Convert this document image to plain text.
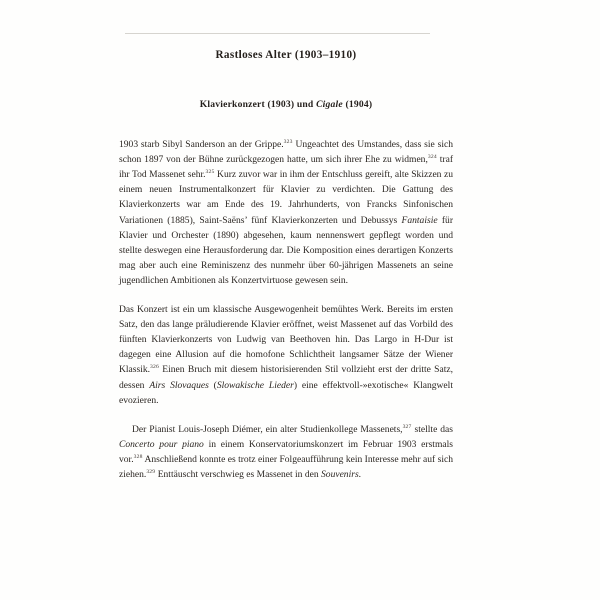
Rastloses Alter (1903–1910)
Klavierkonzert (1903) und Cigale (1904)

1903 starb Sibyl Sanderson an der Grippe.$^{323}$ Ungeachtet des Umstandes, dass sie sich schon 1897 von der Bühne zurückgezogen hatte, um sich ihrer Ehe zu widmen,$^{324}$ traf ihr Tod Massenet sehr.$^{325}$ Kurz zuvor war in ihm der Entschluss gereift, alte Skizzen zu einem neuen Instrumentalkonzert für Klavier zu verdichten. Die Gattung des Klavierkonzerts war am Ende des 19. Jahrhunderts, von Francks Sinfonischen Variationen (1885), Saint-Saëns’ fünf Klavierkonzerten und Debussys Fantaisie für Klavier und Orchester (1890) abgesehen, kaum nennenswert gepflegt worden und stellte deswegen eine Herausforderung dar. Die Komposition eines derartigen Konzerts mag aber auch eine Reminiszenz des nunmehr über 60-jährigen Massenets an seine jugendlichen Ambitionen als Konzertvirtuose gewesen sein.

Das Konzert ist ein um klassische Ausgewogenheit bemühtes Werk. Bereits im ersten Satz, den das lange präludierende Klavier eröffnet, weist Massenet auf das Vorbild des fünften Klavierkonzerts von Ludwig van Beethoven hin. Das Largo in H-Dur ist dagegen eine Allusion auf die homofone Schlichtheit langsamer Sätze der Wiener Klassik.$^{326}$ Einen Bruch mit diesem historisierenden Stil vollzieht erst der dritte Satz, dessen Airs Slovaques (Slowakische Lieder) eine effektvoll-»exotische« Klangwelt evozieren.

Der Pianist Louis-Joseph Diémer, ein alter Studienkollege Massenets,$^{327}$ stellte das Concerto pour piano in einem Konservatoriumskonzert im Februar 1903 erstmals vor.$^{328}$ Anschließend konnte es trotz einer Folgeaufführung kein Interesse mehr auf sich ziehen.$^{329}$ Enttäuscht verschwieg es Massenet in den Souvenirs.
